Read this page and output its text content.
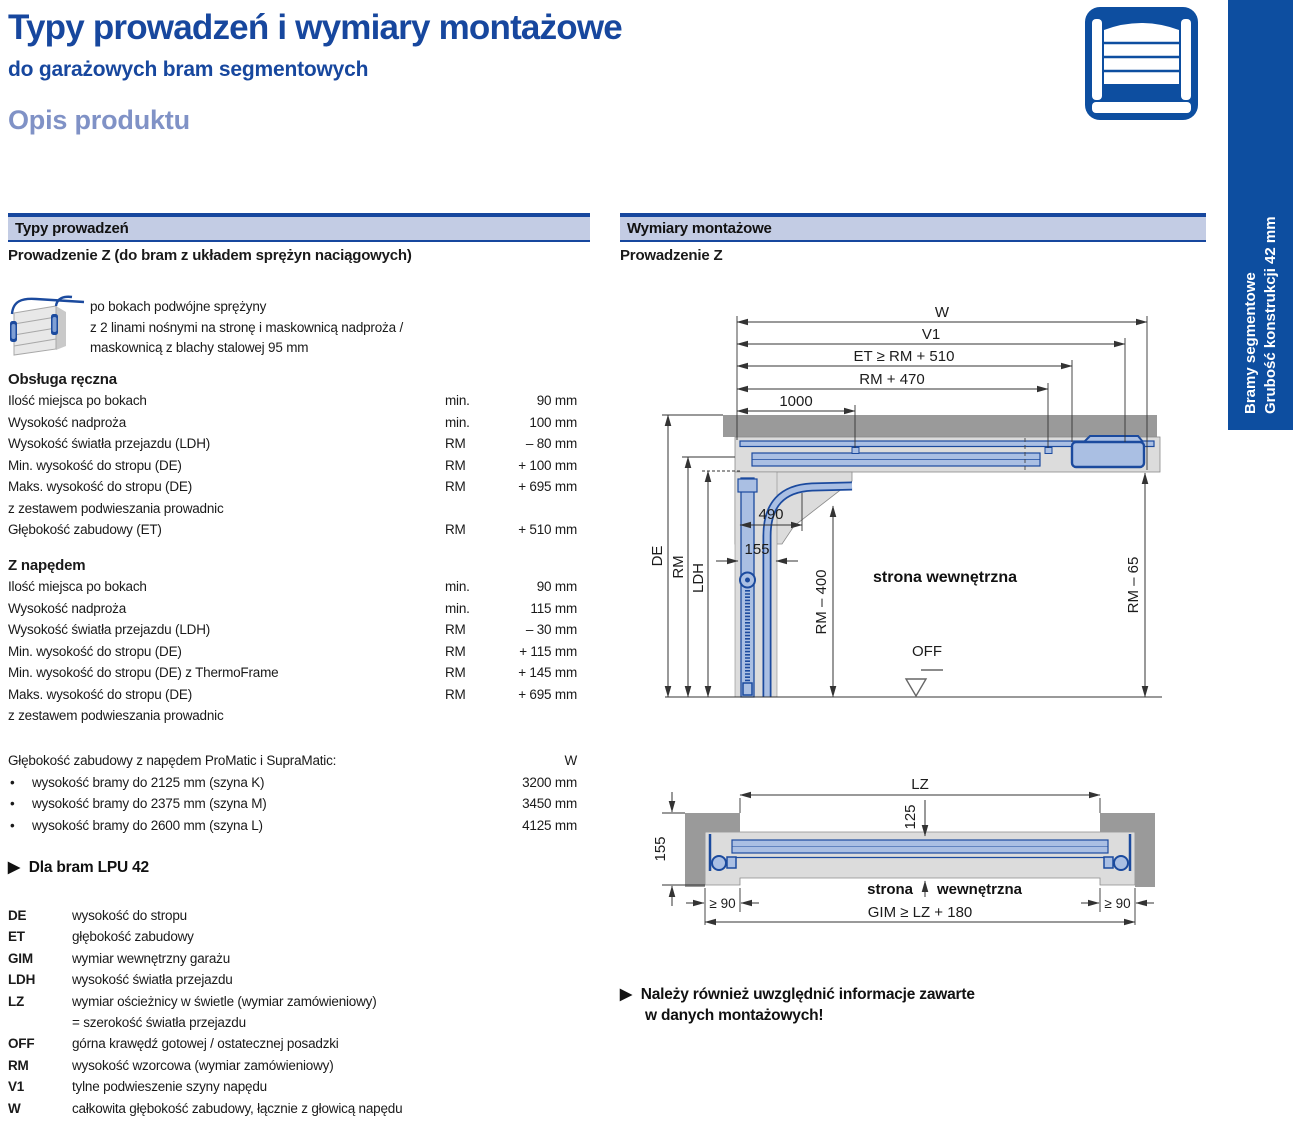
Typy prowadzeń i wymiary montażowe
do garażowych bram segmentowych
Opis produktu
Bramy segmentowe Grubość konstrukcji 42 mm
Typy prowadzeń	Wymiary montażowe
Prowadzenie Z (do bram z układem sprężyn naciągowych)
po bokach podwójne sprężyny
z 2 linami nośnymi na stronę i maskownicą nadproża /
maskownicą z blachy stalowej 95 mm
Obsługa ręczna
Ilość miejsca po bokach	min.	90 mm
Wysokość nadproża	min.	100 mm
Wysokość światła przejazdu (LDH)	RM	– 80 mm
Min. wysokość do stropu (DE)	RM	+ 100 mm
Maks. wysokość do stropu (DE)	RM	+ 695 mm
z zestawem podwieszania prowadnic
Głębokość zabudowy (ET)	RM	+ 510 mm
Z napędem
Ilość miejsca po bokach	min.	90 mm
Wysokość nadproża	min.	115 mm
Wysokość światła przejazdu (LDH)	RM	– 30 mm
Min. wysokość do stropu (DE)	RM	+ 115 mm
Min. wysokość do stropu (DE) z ThermoFrame	RM	+ 145 mm
Maks. wysokość do stropu (DE)	RM	+ 695 mm
z zestawem podwieszania prowadnic
Głębokość zabudowy z napędem ProMatic i SupraMatic:	W
•	wysokość bramy do 2125 mm (szyna K)	3200 mm
•	wysokość bramy do 2375 mm (szyna M)	3450 mm
•	wysokość bramy do 2600 mm (szyna L)	4125 mm
▶ Dla bram LPU 42
DE	wysokość do stropu
ET	głębokość zabudowy
GIM	wymiar wewnętrzny garażu
LDH	wysokość światła przejazdu
LZ	wymiar ościeżnicy w świetle (wymiar zamówieniowy)
= szerokość światła przejazdu
OFF	górna krawędź gotowej / ostatecznej posadzki
RM	wysokość wzorcowa (wymiar zamówieniowy)
V1	tylne podwieszenie szyny napędu
W	całkowita głębokość zabudowy, łącznie z głowicą napędu
Prowadzenie Z
W
V1
ET ≥ RM + 510
RM + 470
1000
490
155
DE RM LDH	RM – 400	RM – 65
strona wewnętrzna
OFF
LZ
125
155
≥ 90	≥ 90
GIM ≥ LZ + 180
strona wewnętrzna
▶ Należy również uwzględnić informacje zawarte
w danych montażowych!
